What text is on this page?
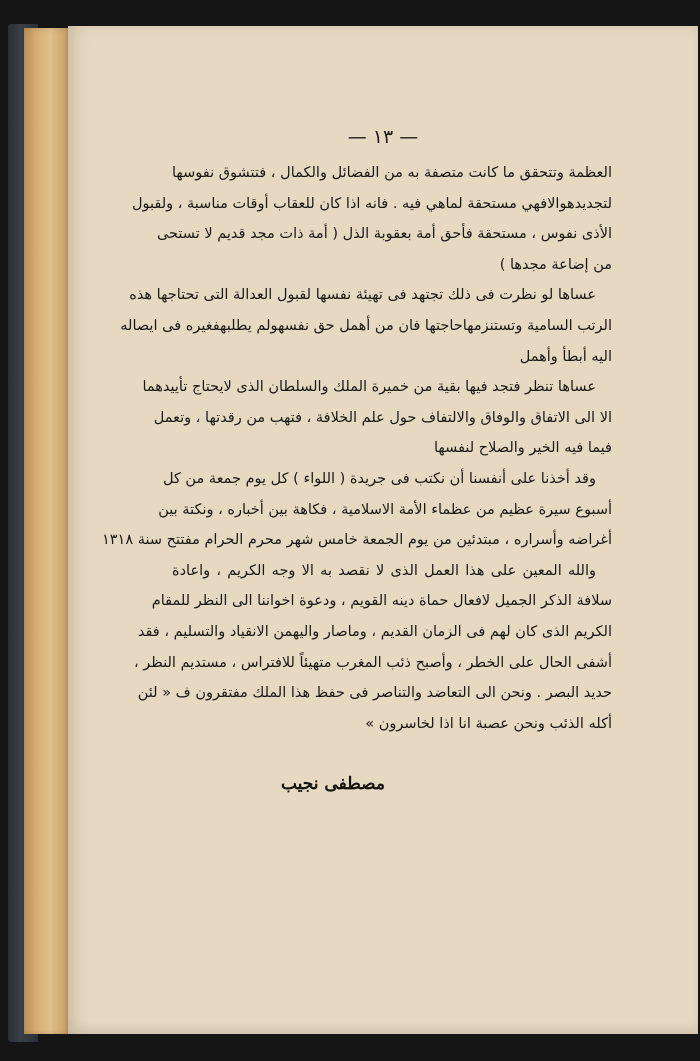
— ١٣ —
العظمة وتتحقق ما كانت متصفة به من الفضائل والكمال ، فتتشوق نفوسها
لتجديدهوالافهي مستحقة لماهي فيه . فانه اذا كان للعقاب أوقات مناسبة ، ولقبول
الأذى نفوس ، مستحقة فأحق أمة بعقوبة الذل ( أمة ذات مجد قديم لا تستحى
من إضاعة مجدها )
عساها لو نظرت فى ذلك تجتهد فى تهيئة نفسها لقبول العدالة التى تحتاجها هذه
الرتب السامية وتستنزمهاحاجتها فان من أهمل حق نفسهولم يطلبهفغيره فى ايصاله
اليه أبطأ وأهمل
عساها تنظر فتجد فيها بقية من خميرة الملك والسلطان الذى لايحتاج تأييدهما
الا الى الاتفاق والوفاق والالتفاف حول علم الخلافة ، فتهب من رقدتها ، وتعمل
فيما فيه الخير والصلاح لنفسها
وقد أخذنا على أنفسنا أن نكتب فى جريدة ( اللواء ) كل يوم جمعة من كل
أسبوع سيرة عظيم من عظماء الأمة الاسلامية ، فكاهة بين أخباره ، ونكتة بين
أغراضه وأسراره ، مبتدئين من يوم الجمعة خامس شهر محرم الحرام مفتتح سنة ١٣١٨
والله المعين على هذا العمل الذى لا نقصد به الا وجه الكريم ، واعادة
سلافة الذكر الجميل لافعال حماة دينه القويم ، ودعوة اخواننا الى النظر للمقام
الكريم الذى كان لهم فى الزمان القديم ، وماصار واليهمن الانقياد والتسليم ، فقد
أشفى الحال على الخطر ، وأصبح ذئب المغرب متهيئاً للافتراس ، مستديم النظر ،
حديد البصر . ونحن الى التعاضد والتناصر فى حفظ هذا الملك مفتقرون ف « لئن
أكله الذئب ونحن عصبة انا اذا لخاسرون »
مصطفى نجيب
